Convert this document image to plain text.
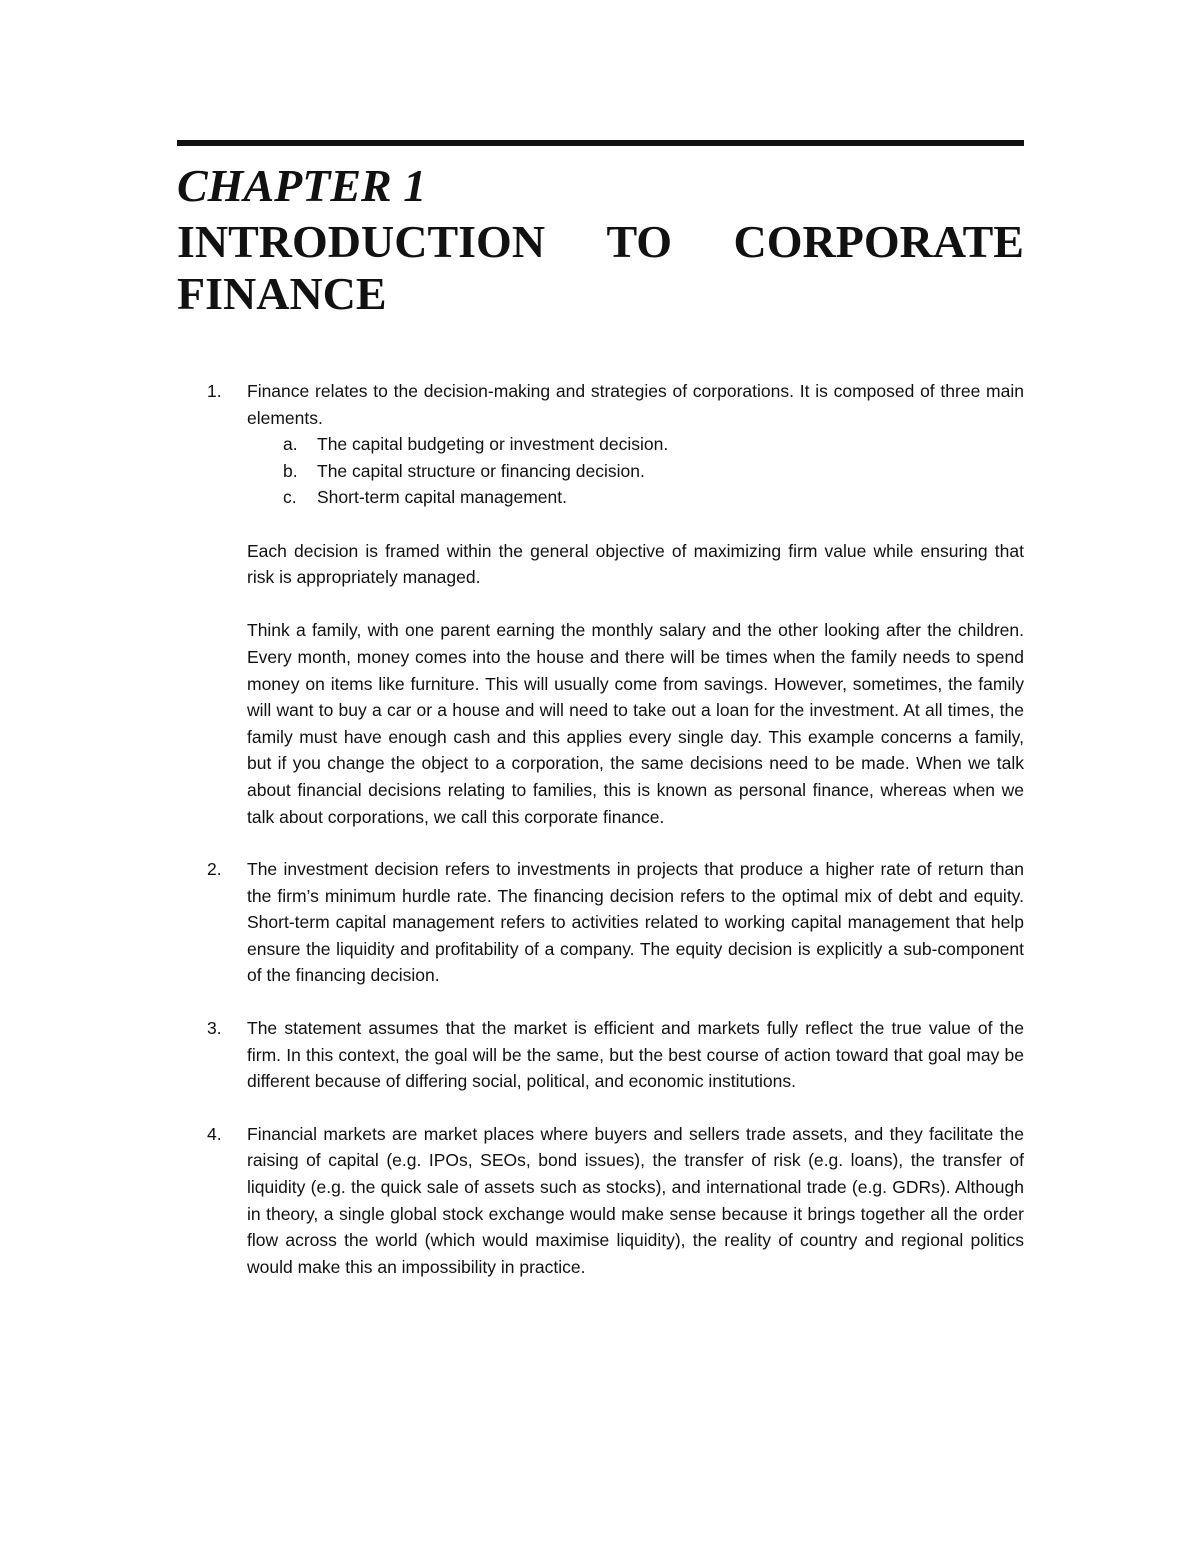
CHAPTER 1
INTRODUCTION TO CORPORATE
FINANCE
1. Finance relates to the decision-making and strategies of corporations. It is composed of three main elements.

a. The capital budgeting or investment decision.
b. The capital structure or financing decision.
c. Short-term capital management.

Each decision is framed within the general objective of maximizing firm value while ensuring that risk is appropriately managed.

Think a family, with one parent earning the monthly salary and the other looking after the children. Every month, money comes into the house and there will be times when the family needs to spend money on items like furniture. This will usually come from savings. However, sometimes, the family will want to buy a car or a house and will need to take out a loan for the investment. At all times, the family must have enough cash and this applies every single day. This example concerns a family, but if you change the object to a corporation, the same decisions need to be made. When we talk about financial decisions relating to families, this is known as personal finance, whereas when we talk about corporations, we call this corporate finance.

2. The investment decision refers to investments in projects that produce a higher rate of return than the firm’s minimum hurdle rate. The financing decision refers to the optimal mix of debt and equity. Short-term capital management refers to activities related to working capital management that help ensure the liquidity and profitability of a company. The equity decision is explicitly a sub-component of the financing decision.

3. The statement assumes that the market is efficient and markets fully reflect the true value of the firm. In this context, the goal will be the same, but the best course of action toward that goal may be different because of differing social, political, and economic institutions.

4. Financial markets are market places where buyers and sellers trade assets, and they facilitate the raising of capital (e.g. IPOs, SEOs, bond issues), the transfer of risk (e.g. loans), the transfer of liquidity (e.g. the quick sale of assets such as stocks), and international trade (e.g. GDRs). Although in theory, a single global stock exchange would make sense because it brings together all the order flow across the world (which would maximise liquidity), the reality of country and regional politics would make this an impossibility in practice.
